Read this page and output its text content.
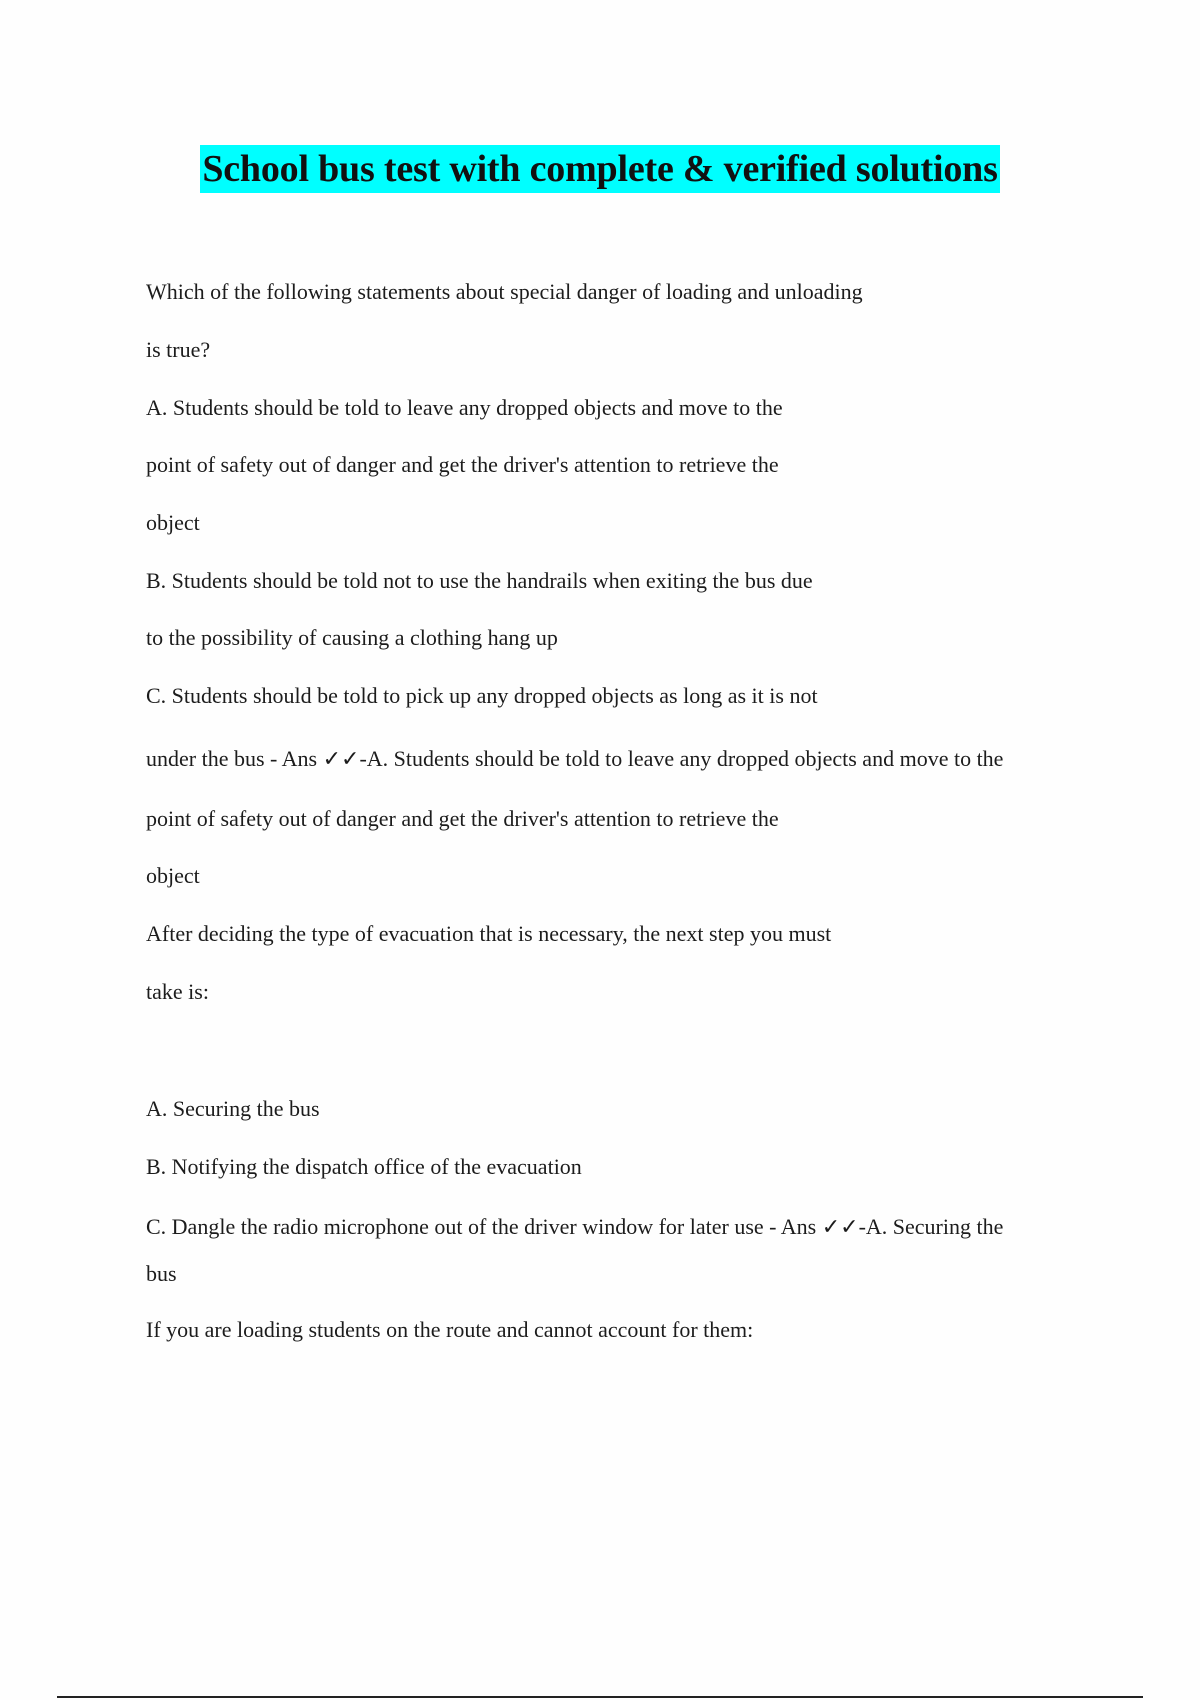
School bus test with complete & verified solutions
Which of the following statements about special danger of loading and unloading
is true?
A. Students should be told to leave any dropped objects and move to the
point of safety out of danger and get the driver's attention to retrieve the
object
B. Students should be told not to use the handrails when exiting the bus due
to the possibility of causing a clothing hang up
C. Students should be told to pick up any dropped objects as long as it is not
under the bus - Ans ✓✓-A. Students should be told to leave any dropped objects and move to the
point of safety out of danger and get the driver's attention to retrieve the
object
After deciding the type of evacuation that is necessary, the next step you must
take is:
A. Securing the bus
B. Notifying the dispatch office of the evacuation
C. Dangle the radio microphone out of the driver window for later use - Ans ✓✓-A. Securing the
bus
If you are loading students on the route and cannot account for them:
